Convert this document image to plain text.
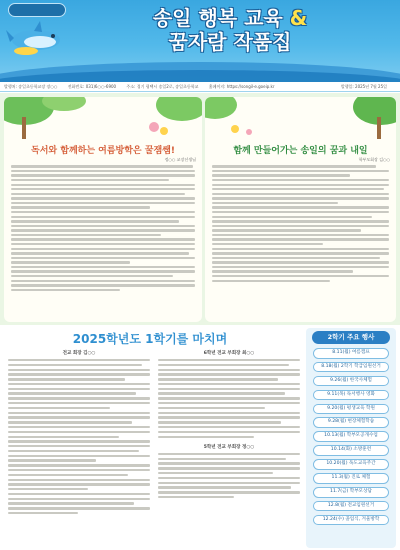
송일 행복 교육 &
꿈자람 작품집
발행처: 송일초등학교장 장○○	전화번호: 031)6○○-6900	주소: 경기 평택시 송일2로, 송일초등학교	홈페이지: https://songil-e.goeip.kr	발행일: 2025년 7월 25일
독서와 함께하는 여름방학은 꿀잼쌤!
정○○ 교장선생님
함께 만들어가는 송일의 꿈과 내일
학부모회장 김○○
2025학년도 1학기를 마치며
전교 회장 김○○	6학년 전교 부회장 최○○
5학년 전교 부회장 정○○
2학기 주요 행사
8.11(월) 여름캠프
8.18(월) 2학기 학급임원선거
9.26(월) 한국사체험
9.11(목) 독서행사 영화
9.20(월) 평생교육 학원
9.28(월) 현장체험학습
10.13(월) 학부모공개수업
10.14(화) 소방훈련
10.20(월) 독도교육주간
11.3(월) 진로 체험
11.7(금) 학부모상담
12.8(월) 전교임원선거
12.24(수) 졸업식, 겨울방학
